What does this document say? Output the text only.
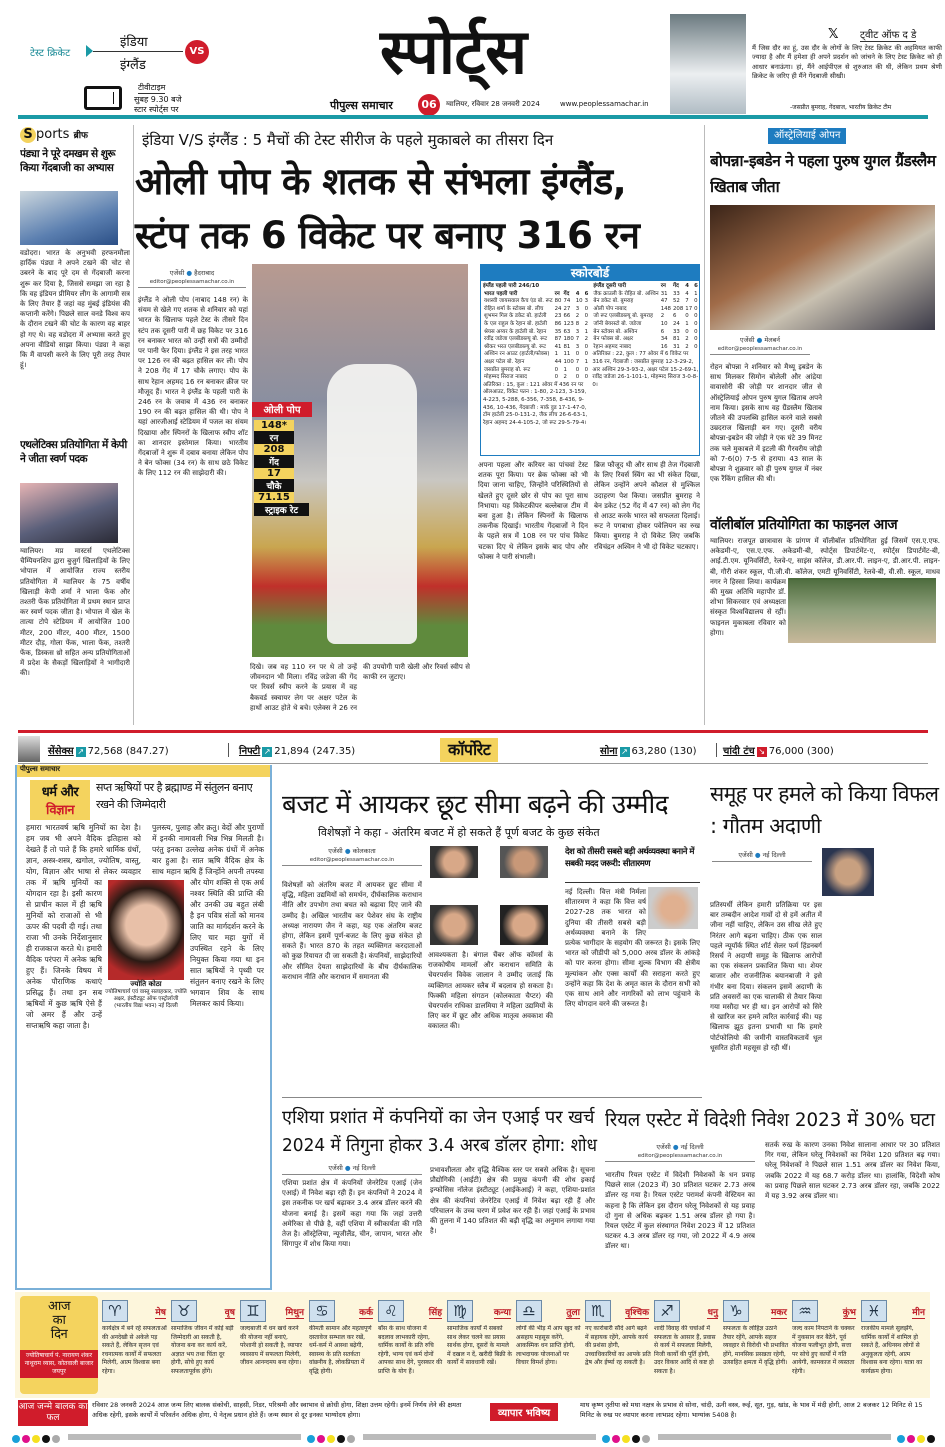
टेस्ट क्रिकेट
इंडिया
इंग्लैंड
VS
टीवीटाइम
सुबह 9.30 बजे
स्टार स्पोर्ट्स पर
स्पोर्ट्स
पीपुल्स समाचार	06	ग्वालियर, रविवार 28 जनवरी 2024	www.peoplessamachar.in
𝕏 ट्वीट ऑफ द डे
मैं जिस दौर का हूं, उस दौर के लोगों के लिए टेस्ट क्रिकेट की अहमियत काफी ज्यादा है और मैं हमेशा ही अपने प्रदर्शन को जांचने के लिए टेस्ट क्रिकेट को ही आधार बनाऊंगा। हां, मैंने आईपीएल से शुरुआत की थी, लेकिन प्रथम श्रेणी क्रिकेट के जरिए ही मैंने गेंदबाजी सीखी।
-जसप्रीत बुमराह, गेंदबाज, भारतीय क्रिकेट टीम
S ports ब्रीफ
पंड्या ने पूरे दमखम से शुरू किया गेंदबाजी का अभ्यास
वडोदरा। भारत के अनुभवी हरफनमौला हार्दिक पंड्या ने अपने टखने की चोट से उबरने के बाद पूरे दम से गेंदबाजी करना शुरू कर दिया है, जिससे समझा जा रहा है कि वह इंडियन प्रीमियर लीग के आगामी सत्र के लिए तैयार हैं जहां वह मुंबई इंडियंस की कप्तानी करेंगे। पिछले साल वनडे विश्व कप के दौरान टखने की चोट के कारण वह बाहर हो गए थे। वह वडोदरा में अभ्यास करते हुए अपना वीडियो साझा किया। पंड्या ने कहा कि मैं वापसी करने के लिए पूरी तरह तैयार हूं।
एथलेटिक्स प्रतियोगिता में केपी ने जीता स्वर्ण पदक
ग्वालियर। मप्र मास्टर्स एथलेटिक्स चैम्पियनशिप द्वारा बुजुर्ग खिलाड़ियों के लिए भोपाल में आयोजित राज्य स्तरीय प्रतियोगिता में ग्वालियर के 75 वर्षीय खिलाड़ी केपी शर्मा ने भाला फेंक और तश्तरी फेंक प्रतियोगिता में प्रथम स्थान प्राप्त कर स्वर्ण पदक जीता है। भोपाल में खेल के तात्या टोपे स्टेडियम में आयोजित 100 मीटर, 200 मीटर, 400 मीटर, 1500 मीटर दौड़, गोला फेंक, भाला फेंक, तश्तरी फेंक, डिस्कस थ्रो सहित अन्य प्रतियोगिताओं में प्रदेश के सैकड़ों खिलाड़ियों ने भागीदारी की।
इंडिया V/S इंग्लैंड : 5 मैचों की टेस्ट सीरीज के पहले मुकाबले का तीसरा दिन
ओली पोप के शतक से संभला इंग्लैंड,
स्टंप तक 6 विकेट पर बनाए 316 रन
एजेंसी ● हैदराबाद
editor@peoplessamachar.co.in
इंग्लैंड ने ओली पोप (नाबाद 148 रन) के संयम से खेले गए शतक से शनिवार को यहां भारत के खिलाफ पहले टेस्ट के तीसरे दिन स्टंप तक दूसरी पारी में छह विकेट पर 316 रन बनाकर भारत को उन्हीं सत्रों की उम्मीदों पर पानी फेर दिया। इंग्लैंड ने इस तरह भारत पर 126 रन की बढ़त हासिल कर ली। पोप ने 208 गेंद में 17 चौके लगाए। पोप के साथ रेहान अहमद 16 रन बनाकर क्रीज पर मौजूद हैं। भारत ने इंग्लैंड के पहली पारी के 246 रन के जवाब में 436 रन बनाकर 190 रन की बढ़त हासिल की थी। पोप ने यहां आरजीआई स्टेडियम में पजल का संयम दिखाया और स्पिनरों के खिलाफ स्वीप शॉट का शानदार इस्तेमाल किया। भारतीय गेंदबाजों ने शुरू में दबाव बनाया लेकिन पोप ने बेन फोक्स (34 रन) के साथ छठे विकेट के लिए 112 रन की साझेदारी की।
ओली पोप
148*
रन
208
गेंद
17
चौके
71.15
स्ट्राइक रेट
दिखे। जब वह 110 रन पर थे तो उन्हें जीवनदान भी मिला। रविंद्र जडेजा की गेंद पर रिवर्स स्वीप करने के प्रयास में वह बैकवर्ड स्क्वायर लेग पर अक्षर पटेल के हाथों आउट होते थे बचे। एलेक्स ने 26 रन की उपयोगी पारी खेली और रिवर्स स्वीप से काफी रन जुटाए।
स्कोरबोर्ड
इंग्लैंड पहली पारी 246/10
भारत पहली पारी	रन	गेंद	4	6
यशस्वी जायसवाल कैच एंड बो. रूट	80	74	10	3
रोहित शर्मा के स्टोक्स बो. लीच	24	27	3	0
शुभमन गिल के डकेट बो. हार्टली	23	66	2	0
के एल राहुल के रेहान बो. हार्टली	86	123	8	2
श्रेयस अय्यर के हार्टली बो. रेहान	35	63	3	1
रवींद्र जडेजा एलबीडब्ल्यू बो. रूट	87	180	7	2
श्रीकर भरत एलबीडब्ल्यू बो. रूट	41	81	3	0
अश्विन रन आउट (हार्टली/फोक्स)	1	11	0	0
अक्षर पटेल बो. रेहान	44	100	7	1
जसप्रीत बुमराह बो. रूट	0	1	0	0
मोहम्मद सिराज नाबाद	0	2	0	0
अतिरिक्त : 15, कुल : 121 ओवर में 436 रन पर ऑलआउट, विकेट पतन : 1-80, 2-123, 3-159, 4-223, 5-288, 6-356, 7-358, 8-436, 9-436, 10-436, गेंदबाजी : मार्क वुड 17-1-47-0, टॉम हार्टली 25-0-131-2, जैक लीच 26-6-63-1, रेहान अहमद 24-4-105-2, जो रूट 29-5-79-4।
इंग्लैंड दूसरी पारी	रन	गेंद	4	6
जैक क्राउली के रोहित बो. अश्विन	31	33	4	1
बेन डकेट बो. बुमराह	47	52	7	0
ओली पोप नाबाद	148	208	17	0
जो रूट एलबीडब्ल्यू बो. बुमराह	2	6	0	0
जॉनी बेयरस्टो बो. जडेजा	10	24	1	0
बेन स्टोक्स बो. अश्विन	6	33	0	0
बेन फोक्स बो. अक्षर	34	81	2	0
रेहान अहमद नाबाद	16	31	2	0
अतिरिक्त : 22, कुल : 77 ओवर में 6 विकेट पर 316 रन, गेंदबाजी : जसप्रीत बुमराह 12-3-29-2, आर अश्विन 29-3-93-2, अक्षर पटेल 15-2-69-1, रवींद्र जडेजा 26-1-101-1, मोहम्मद सिराज 3-0-8-0।
अपना पहला और करियर का पांचवां टेस्ट शतक पूरा किया। पर ब्रेक फोक्स को भी दिया जाना चाहिए, जिन्होंने परिस्थितियों से खेलते हुए दूसरे छोर से पोप का पूरा साथ निभाया। यह विकेटकीपर बल्लेबाज टीम में बना हुआ है। लेकिन स्पिनरों के खिलाफ तकनीक दिखाई। भारतीय गेंदबाजों ने दिन के पहले सत्र में 108 रन पर पांच विकेट चटका दिए थे लेकिन इसके बाद पोप और फोक्स ने पारी संभाली।
ब्रिज फौजूद थी और साथ ही तेज गेंदबाजी के लिए रिवर्स स्विंग का भी संकेत दिखा, लेकिन उन्होंने अपने कौशल से मुश्किल उदाहरण पेश किया। जसप्रीत बुमराह ने बेन डकेट (52 गेंद में 47 रन) को लेग गेंद से आउट करके भारत को सफलता दिलाई। रूट ने पगबाधा होकर पवेलियन का रुख किया। बुमराह ने दो विकेट लिए जबकि रविचंद्रन अश्विन ने भी दो विकेट चटकाए।
ऑस्ट्रेलियाई ओपन
बोपन्ना-इबडेन ने पहला पुरुष युगल ग्रैंडस्लैम खिताब जीता
एजेंसी ● मेलबर्न
editor@peoplessamachar.co.in
रोहन बोपन्ना ने शनिवार को मैथ्यू इबडेन के साथ मिलकर सिमोन बोलेली और आंद्रेया वावासोरी की जोड़ी पर शानदार जीत से ऑस्ट्रेलियाई ओपन पुरुष युगल खिताब अपने नाम किया। इसके साथ वह ग्रैंडस्लैम खिताब जीतने की उपलब्धि हासिल करने वाले सबसे उम्रदराज खिलाड़ी बन गए। दूसरी वरीय बोपन्ना-इबडेन की जोड़ी ने एक घंटे 39 मिनट तक चले मुकाबले में इटली की गैरवरीय जोड़ी को 7-6(0) 7-5 से हराया। 43 साल के बोपन्ना ने शुक्रवार को ही पुरुष युगल में नंबर एक रैंकिंग हासिल की थी।
वॉलीबॉल प्रतियोगिता का फाइनल आज
ग्वालियर। राजपूत छात्रावास के प्रांगण में वॉलीबॉल प्रतियोगिता हुई जिसमें एस.ए.एफ. अकेडमी-ए, एस.ए.एफ. अकेडमी-बी, स्पोर्ट्स डिपार्टमेंट-ए, स्पोर्ट्स डिपार्टमेंट-बी, आई.टी.एम. यूनिवर्सिटी, रेलवे-ए, साइंस कॉलेज, डी.आर.पी. लाइन-ए, डी.आर.पी. लाइन-बी, गौरी शंकर स्कूल, पी.जी.वी. कॉलेज, एमटी यूनिवर्सिटी, रेलवे-बी, वी.सी. स्कूल, माधव नगर ने हिस्सा लिया। कार्यक्रम की मुख्य अतिथि महापौर डॉ. शोभा सिकरवार एवं अध्यक्षता संस्कृत विश्वविद्यालय से रहीं। फाइनल मुकाबला रविवार को होगा।
सेंसेक्स ↗ 72,568 (847.27)	निफ्टी ↗ 21,894 (247.35)	कॉर्पोरेट	सोना ↗ 63,280 (130)	चांदी टंच ↘ 76,000 (300)
पीपुल्स समाचार
धर्म और
विज्ञान
सप्त ऋषियों पर है ब्रह्माण्ड में संतुलन बनाए रखने की जिम्मेदारी
हमारा भारतवर्ष ऋषि मुनियों का देश है। हम जब भी अपने वैदिक इतिहास को देखते हैं तो पाते हैं कि हमारे धार्मिक ग्रंथों, ज्ञान, अस्त्र-शस्त्र, खगोल, ज्योतिष, वास्तु, योग, विज्ञान और भाषा से लेकर व्यवहार तक में ऋषि मुनियों का योगदान रहा है। इसी कारण से प्राचीन काल में ही ऋषि मुनियों को राजाओं से भी ऊपर की पदवी दी गई। तथा राजा भी उनके निर्देशानुसार ही राजकाज करते थे। हमारी वैदिक परंपरा में अनेक ऋषि हुए हैं। जिनके विषय में अनेक पौराणिक कथाएं प्रसिद्ध हैं। तथा इन सब ऋषियों में कुछ ऋषि ऐसे हैं जो अमर हैं और उन्हें सप्तऋषि कहा जाता है।
पुलस्त्य, पुलाह और क्रतु। वेदों और पुराणों में इनकी नामावली भिन्न भिन्न मिलती है। परंतु इनका उल्लेख अनेक ग्रंथों में अनेक बार हुआ है। सात ऋषि वैदिक क्षेत्र के साथ महान ऋषि हैं जिन्होंने अपनी तपस्या और योग शक्ति से एक अर्ध नश्वर स्थिति की प्राप्ति की और उनकी उम्र बहुत लंबी है इन पवित्र संतों को मानव जाति का मार्गदर्शन करने के लिए चार महा युगों में उपस्थित रहने के लिए नियुक्त किया गया था इन सात ऋषियों ने पृथ्वी पर संतुलन बनाए रखने के लिए भगवान शिव के साथ मिलकर कार्य किया।
ज्योति कोठा
ज्योतिषाचार्य एवं वास्तु सलाहकार, ज्योति अक्षर, इंस्टीट्यूट ऑफ एस्ट्रोलॉजी (भारतीय विद्या भवन) नई दिल्ली
बजट में आयकर छूट सीमा बढ़ने की उम्मीद
विशेषज्ञों ने कहा - अंतरिम बजट में हो सकते हैं पूर्ण बजट के कुछ संकेत
एजेंसी ● कोलकाता
editor@peoplessamachar.co.in
विशेषज्ञों को अंतरिम बजट में आयकर छूट सीमा में वृद्धि, महिला उद्यमियों को समर्थन, दीर्घकालिक कराधान नीति और उपभोग तथा बचत को बढ़ावा दिए जाने की उम्मीद है। अखिल भारतीय कर पेशेवर संघ के राष्ट्रीय अध्यक्ष नारायण जैन ने कहा, यह एक अंतरिम बजट होगा, लेकिन इसमें पूर्ण-बजट के लिए कुछ संकेत हो सकते हैं। भारत 870 के तहत व्यक्तिगत करदाताओं को कुछ रियायत दी जा सकती है। कंपनियों, साझेदारियों और सीमित देयता साझेदारियों के बीच दीर्घकालिक कराधान नीति और कराधान में समानता की
आवश्यकता है। बंगाल चैंबर ऑफ कॉमर्स के राजकोषीय मामलों और कराधान समिति के चेयरपर्सन विवेक जालान ने उम्मीद जताई कि व्यक्तिगत आयकर स्लैब में बदलाव हो सकता है। फिक्की महिला संगठन (कोलकाता चैप्टर) की चेयरपर्सन राधिका डालमिया ने महिला उद्यमियों के लिए कर में छूट और अधिक मातृत्व अवकाश की वकालत की।
देश को तीसरी सबसे बड़ी अर्थव्यवस्था बनाने में सबकी मदद जरूरी: सीतारमण
नई दिल्ली। वित्त मंत्री निर्मला सीतारमण ने कहा कि वित्त वर्ष 2027-28 तक भारत को दुनिया की तीसरी सबसे बड़ी अर्थव्यवस्था बनाने के लिए प्रत्येक भागीदार के सहयोग की जरूरत है। इसके लिए भारत को जीडीपी को 5,000 अरब डॉलर के आंकड़े को पार करना होगा। सीमा शुल्क विभाग की क्षेत्रीय मूल्यांकन और एक्स कार्यों की सराहना करते हुए उन्होंने कहा कि देश के अमृत काल के दौरान सभी को एक साथ आने और नागरिकों को लाभ पहुंचाने के लिए योगदान वरने की जरूरत है।
समूह पर हमले को किया विफल : गौतम अदाणी
एजेंसी ● नई दिल्ली
प्रतिस्पर्धी लेकिन हमारी प्रतिक्रिया पर इस बार तम्बदीन आदेश गावों दो से हमें अतीत में जीना नहीं चाहिए, लेकिन उस सीख लेते हुए निरंतर आगे बढ़ना चाहिए। ठीक एक साल पहले न्यूयॉर्क स्थित शॉर्ट सेलर फर्म हिंडनबर्ग रिसर्च ने अदाणी समूह के खिलाफ आरोपों का एक संकलन प्रकाशित किया था। शेयर बाजार और राजनीतिक बयानबाजी ने इसे गंभीर बना दिया। संकलन इसमें अदाणी के प्रति अवसरों का एक चालाकी से तैयार किया गया मसौदा भर ही था। इन आरोपों को सिरे से खारिज कर हमने त्वरित कार्रवाई की। यह खिलाफ झूठ इतना प्रभावी था कि हमारे पोर्टफोलियो की जमीनी वास्तविकतायें धूल धूसरित होती महसूस हो रही थीं।
एशिया प्रशांत में कंपनियों का जेन एआई पर खर्च
2024 में तिगुना होकर 3.4 अरब डॉलर होगा: शोध
एजेंसी ● नई दिल्ली
एशिया प्रशांत क्षेत्र में कंपनियों जेनरेटिव एआई (जेन एआई) में निवेश बढ़ा रही हैं। इन कंपनियों ने 2024 में इस तकनीक पर खर्च बढ़ाकर 3.4 अरब डॉलर करने की योजना बनाई है। इसमें कहा गया कि जहां उत्तरी अमेरिका से पीछे है, वहीं एशिया में स्वीकार्यता की गति तेज है। ऑस्ट्रेलिया, न्यूजीलैंड, चीन, जापान, भारत और सिंगापुर में शोध किया गया।
प्रभावशीलता और वृद्धि वैश्विक स्तर पर सबसे अधिक है। सूचना प्रौद्योगिकी (आईटी) क्षेत्र की प्रमुख कंपनी की शोध इकाई इन्फोसिस नॉलेज इंस्टीट्यूट (आईकेआई) ने कहा, एशिया-प्रशांत क्षेत्र की कंपनियां जेनरेटिव एआई में निवेश बढ़ा रही हैं और परिचालन के उच्च चरण में प्रवेश कर रही हैं। जहां एआई के प्रभाव की तुलना में 140 प्रतिशत की बढ़ी वृद्धि का अनुमान लगाया गया है।
रियल एस्टेट में विदेशी निवेश 2023 में 30% घटा
एजेंसी ● नई दिल्ली
editor@peoplessamachar.co.in
भारतीय रियल एस्टेट में विदेशी निवेशकों के धन प्रवाह पिछले साल (2023 में) 30 प्रतिशत घटकर 2.73 अरब डॉलर रह गया है। रियल एस्टेट परामर्श कंपनी वेस्टियन का कहना है कि लेकिन इस दौरान घरेलू निवेशकों से यह प्रवाह दो गुना से अधिक बढ़कर 1.51 अरब डॉलर हो गया है। रियल एस्टेट में कुल संस्थागत निवेश 2023 में 12 प्रतिशत घटकर 4.3 अरब डॉलर रह गया, जो 2022 में 4.9 अरब डॉलर था।
सतर्क रुख के कारण उनका निवेश सालाना आधार पर 30 प्रतिशत गिर गया, लेकिन घरेलू निवेशकों का निवेश 120 प्रतिशत बढ़ गया। घरेलू निवेशकों ने पिछले साल 1.51 अरब डॉलर का निवेश किया, जबकि 2022 में यह 68.7 करोड़ डॉलर था। हालांकि, विदेशी कोष का प्रवाह पिछले साल घटकर 2.73 अरब डॉलर रहा, जबकि 2022 में यह 3.92 अरब डॉलर था।
आज
का
दिन
ज्योतिषाचार्य पं. नारायण शंकर नाथूराम व्यास, कोतवाली बाजार जयपुर
♈	मेष
कार्यक्षेत्र में बने रहे सफलताओं की अनदेखी से अकेले पड़ सकते हैं, लेकिन सृजन एवं रचनात्मक कार्यों में सफलता मिलेगी, आत्म विश्वास बना रहेगा।
♉	वृष
सामाजिक जीवन में कोई बड़ी जिम्मेदारी आ सकती है, योजना बना कर कार्य करें, अज्ञात भय तथा चिंता दूर होगी, सोचे हुए कार्य सफलतापूर्वक होंगे।
♊	मिथुन
जल्दबाजी में धन खर्च करने की योजना नहीं बनाएं, परेशानी हो सकती है, व्यापार व्यवसाय में सफलता मिलेगी, जीवन आनन्दमय बना रहेगा।
♋	कर्क
कीमती सामान और महत्वपूर्ण दस्तावेज सम्भाल कर रखें, धर्म-कर्म में आस्था बढ़ेगी, स्वास्थ्य के प्रति सतर्कता वांछनीय है, लोकप्रियता में वृद्धि होगी।
♌	सिंह
बाॅस के साथ योजना में बदलाव लाभकारी रहेगा, धार्मिक कार्यों के प्रति रुचि रहेगी, भाग्य एवं कर्म दोनों आपका साथ देंगे, पुरस्कार की प्राप्ति के योग हैं।
♍	कन्या
सामाजिक कार्यों में सबको साथ लेकर चलने का प्रयास सार्थक होगा, दूसरों के मामले में दखल न दें, खरीदी बिक्री के कार्यों में सावधानी रखें।
♎	तुला
लोगों की भीड़ में आप खुद को असहाय महसूस करेंगे, आकस्मिक धन प्राप्ति होगी, लाभदायक योजनाओं पर विचार विमर्श होगा।
♏	वृश्चिक
नए कारोबारी सौदे आगे बढ़ने में सहायक रहेंगे, आपके कार्य की प्रशंसा होगी, उच्चाधिकारियों का आपके प्रति द्वेष और ईर्ष्या रह सकती है।
♐	धनु
शादी विवाह की चर्चाओं में सफलता के आसार हैं, प्रवास से कार्य में सफलता मिलेगी, निजी कार्यों की पूर्ति होगी, उदर विकार आदि से कष्ट हो सकता है।
♑	मकर
सफलता के लोहिज्ञ उठाने तैयार रहेंगे, आपके सहज व्यवहार से विरोधी भी प्रभावित होंगे, मानसिक प्रसन्नता रहेगी, उत्साहित क्षमता में वृद्धि होगी।
♒	कुंभ
जल्द काम निपटाने के चक्कर में नुकसान कर बैठेंगे, पूर्व योजना फलीभूत होगी, सत्ता पर सोचे हुए कार्यों में गति आयेगी, कामकाज में व्यस्तता रहेगी।
♓	मीन
राजकीय मामले सुलझेंगे, धार्मिक कार्यों में शामिल हो सकते हैं, अधिनस्थ लोगों से अनुकूलता रहेगी, आत्म विश्वास बना रहेगा। यात्रा का कार्यक्रम होगा।
आज जन्मे बालक का फल
रविवार 28 जनवरी 2024 आज जन्म लिए बालक संकोची, साहसी, निडर, परिश्रमी और स्वाभाव से क्रोधी होगा, शिक्षा उत्तम रहेगी। इनमें निर्णय लेने की क्षमता अधिक रहेगी, इसके कार्यों में परिवर्तन अधिक होगा, ये नेतृत्व प्रधान होते हैं। जन्म स्थान से दूर इनका भाग्योदय होगा।	व्यापार भविष्य
माघ कृष्ण तृतीया को मघा नक्षत्र के प्रभाव से सोना, चांदी, ऊनी वस्त्र, रूई, सूत, गुड़, खांड, के भाव में मंदी होगी, आज 2 बजकर 12 मिनिट से 15 मिनिट के रुख पर व्यापार करना लाभप्रद रहेगा। भाग्यांक 5408 है।
